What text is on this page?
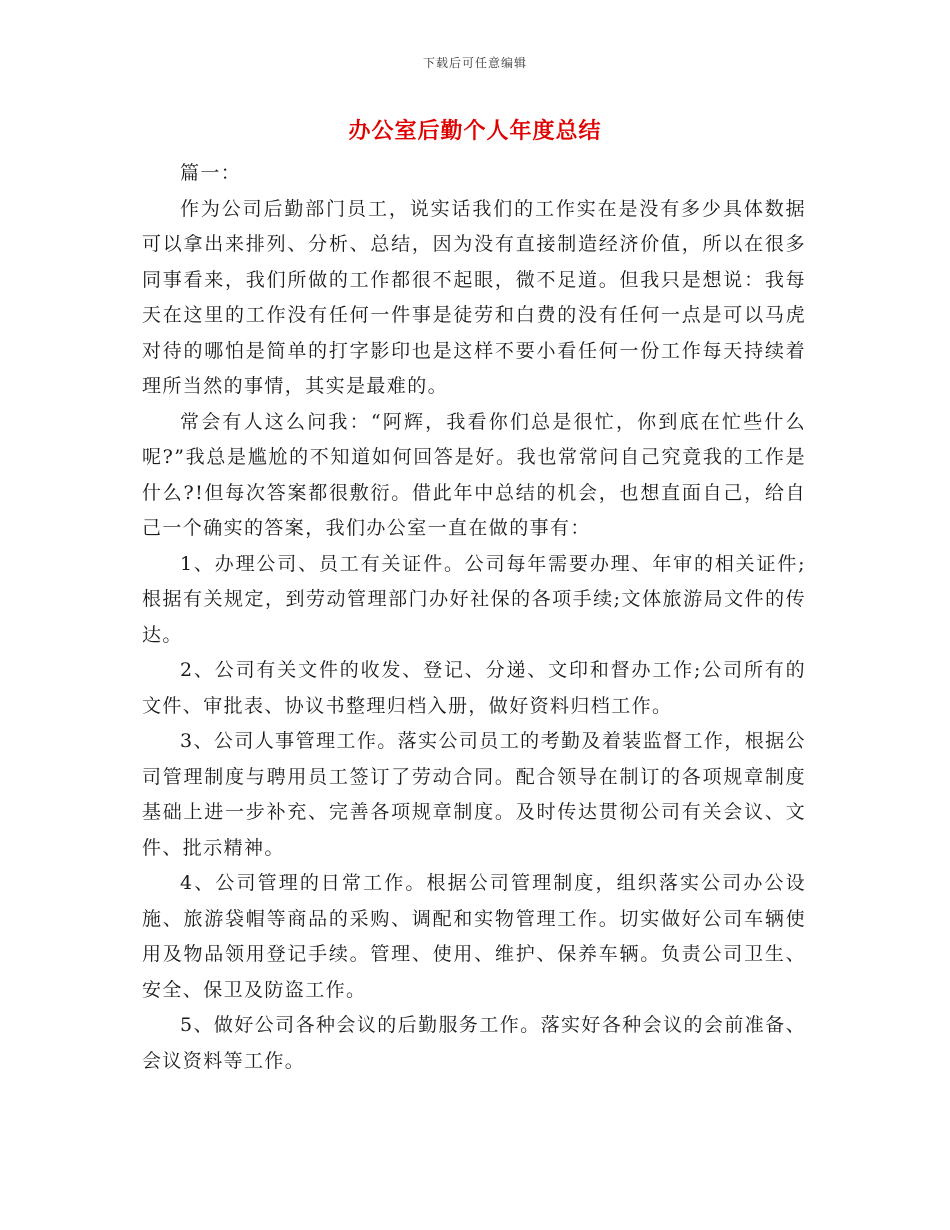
下载后可任意编辑
办公室后勤个人年度总结

篇一：

作为公司后勤部门员工，说实话我们的工作实在是没有多少具体数据可以拿出来排列、分析、总结，因为没有直接制造经济价值，所以在很多同事看来，我们所做的工作都很不起眼，微不足道。但我只是想说：我每天在这里的工作没有任何一件事是徒劳和白费的没有任何一点是可以马虎对待的哪怕是简单的打字影印也是这样不要小看任何一份工作每天持续着理所当然的事情，其实是最难的。

常会有人这么问我：“阿辉，我看你们总是很忙，你到底在忙些什么呢?”我总是尴尬的不知道如何回答是好。我也常常问自己究竟我的工作是什么?!但每次答案都很敷衍。借此年中总结的机会，也想直面自己，给自己一个确实的答案，我们办公室一直在做的事有：

1、办理公司、员工有关证件。公司每年需要办理、年审的相关证件;根据有关规定，到劳动管理部门办好社保的各项手续;文体旅游局文件的传达。

2、公司有关文件的收发、登记、分递、文印和督办工作;公司所有的文件、审批表、协议书整理归档入册，做好资料归档工作。

3、公司人事管理工作。落实公司员工的考勤及着装监督工作，根据公司管理制度与聘用员工签订了劳动合同。配合领导在制订的各项规章制度基础上进一步补充、完善各项规章制度。及时传达贯彻公司有关会议、文件、批示精神。

4、公司管理的日常工作。根据公司管理制度，组织落实公司办公设施、旅游袋帽等商品的采购、调配和实物管理工作。切实做好公司车辆使用及物品领用登记手续。管理、使用、维护、保养车辆。负责公司卫生、安全、保卫及防盗工作。

5、做好公司各种会议的后勤服务工作。落实好各种会议的会前准备、会议资料等工作。
